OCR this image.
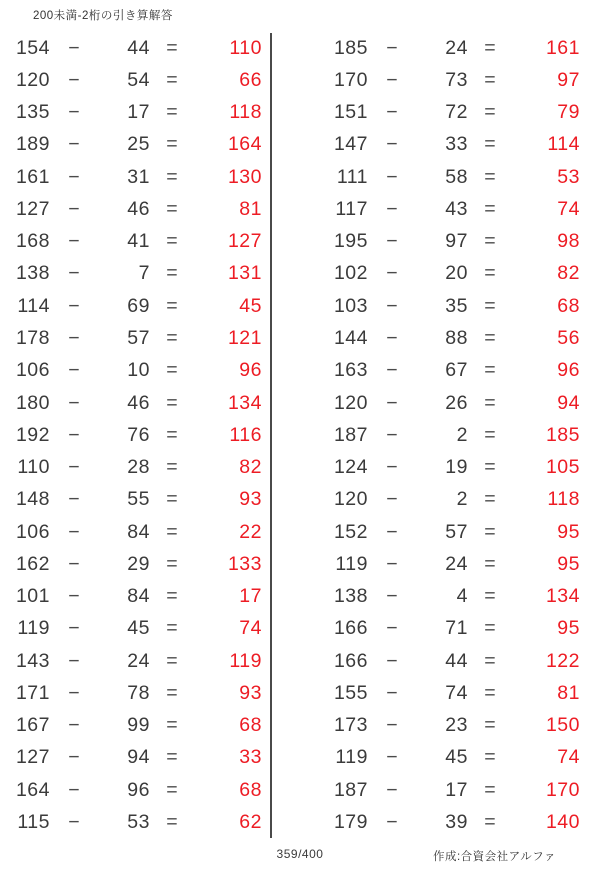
200未満-2桁の引き算解答
154 −	44 =	110
120 −	54 =	66
135 −	17 =	118
189 −	25 =	164
161 −	31 =	130
127 −	46 =	81
168 −	41 =	127
138 −	7 =	131
114 −	69 =	45
178 −	57 =	121
106 −	10 =	96
180 −	46 =	134
192 −	76 =	116
110 −	28 =	82
148 −	55 =	93
106 −	84 =	22
162 −	29 =	133
101 −	84 =	17
119 −	45 =	74
143 −	24 =	119
171 −	78 =	93
167 −	99 =	68
127 −	94 =	33
164 −	96 =	68
115 −	53 =	62
185 −	24 =	161
170 −	73 =	97
151 −	72 =	79
147 −	33 =	114
111 −	58 =	53
117 −	43 =	74
195 −	97 =	98
102 −	20 =	82
103 −	35 =	68
144 −	88 =	56
163 −	67 =	96
120 −	26 =	94
187 −	2 =	185
124 −	19 =	105
120 −	2 =	118
152 −	57 =	95
119 −	24 =	95
138 −	4 =	134
166 −	71 =	95
166 −	44 =	122
155 −	74 =	81
173 −	23 =	150
119 −	45 =	74
187 −	17 =	170
179 −	39 =	140
359/400	作成:合資会社アルファ
